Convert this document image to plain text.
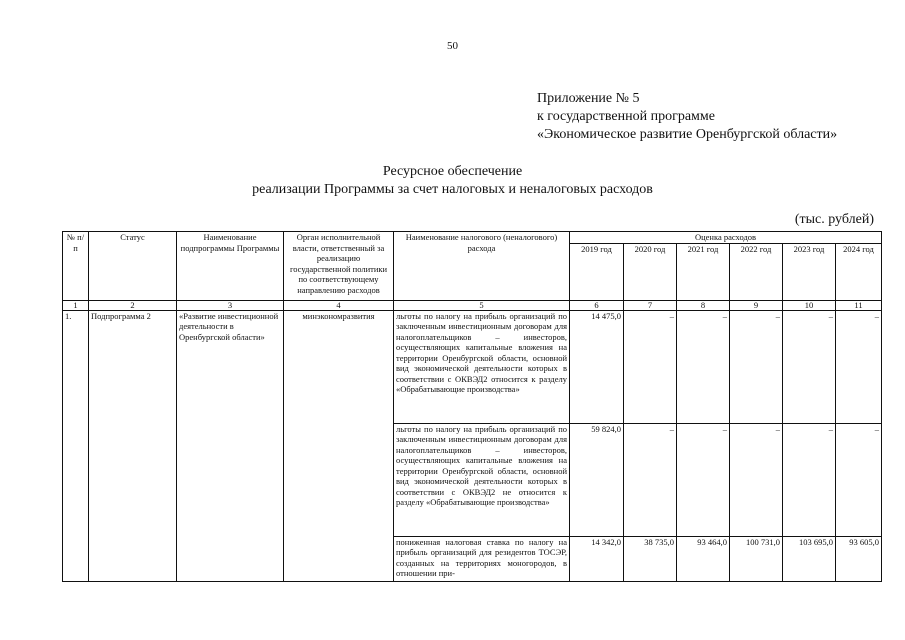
50
Приложение № 5
к государственной программе
«Экономическое развитие Оренбургской области»
Ресурсное обеспечение
реализации Программы за счет налоговых и неналоговых расходов
(тыс. рублей)
№ п/п	Статус	Наименование подпрограммы Программы	Орган исполнительной власти, ответственный за реализацию государственной политики по соответствующему направлению расходов	Наименование налогового (неналогового) расхода	Оценка расходов					
					2019 год	2020 год	2021 год	2022 год	2023 год	2024 год
1	2	3	4	5	6	7	8	9	10	11
1.	Подпрограмма 2	«Развитие инвестиционной деятельности в Оренбургской области»	минэкономразвития	льготы по налогу на прибыль организаций по заключенным инвестиционным договорам для налогоплательщиков – инвесторов, осуществляющих капитальные вложения на территории Оренбургской области, основной вид экономической деятельности которых в соответствии с ОКВЭД2 относится к разделу «Обрабатывающие производства»	14 475,0	–	–	–	–	–
				льготы по налогу на прибыль организаций по заключенным инвестиционным договорам для налогоплательщиков – инвесторов, осуществляющих капитальные вложения на территории Оренбургской области, основной вид экономической деятельности которых в соответствии с ОКВЭД2 не относится к разделу «Обрабатывающие производства»	59 824,0	–	–	–	–	–
				пониженная налоговая ставка по налогу на прибыль организаций для резидентов ТОСЭР, созданных на территориях моногородов, в отношении при-	14 342,0	38 735,0	93 464,0	100 731,0	103 695,0	93 605,0
